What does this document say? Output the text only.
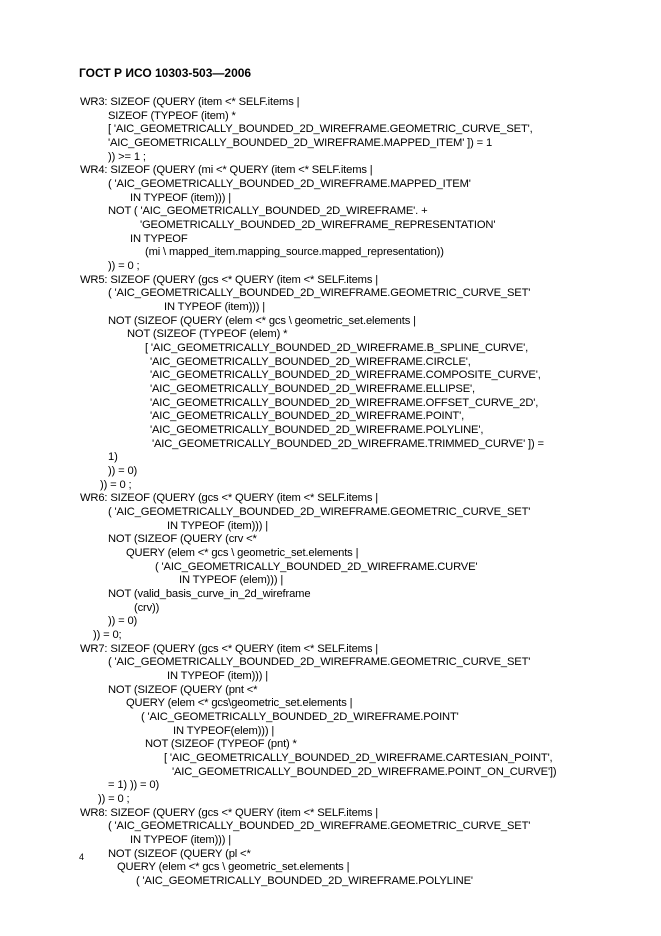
ГОСТ Р ИСО 10303-503—2006
WR3: SIZEOF (QUERY (item <* SELF.items |
SIZEOF (TYPEOF (item) *
[ 'AIC_GEOMETRICALLY_BOUNDED_2D_WIREFRAME.GEOMETRIC_CURVE_SET',
'AIC_GEOMETRICALLY_BOUNDED_2D_WIREFRAME.MAPPED_ITEM' ]) = 1
)) >= 1 ;
WR4: SIZEOF (QUERY (mi <* QUERY (item <* SELF.items |
( 'AIC_GEOMETRICALLY_BOUNDED_2D_WIREFRAME.MAPPED_ITEM'
IN TYPEOF (item))) |
NOT ( 'AIC_GEOMETRICALLY_BOUNDED_2D_WIREFRAME'. +
'GEOMETRICALLY_BOUNDED_2D_WIREFRAME_REPRESENTATION'
IN TYPEOF
(mi \ mapped_item.mapping_source.mapped_representation))
)) = 0 ;
WR5: SIZEOF (QUERY (gcs <* QUERY (item <* SELF.items |
( 'AIC_GEOMETRICALLY_BOUNDED_2D_WIREFRAME.GEOMETRIC_CURVE_SET'
IN TYPEOF (item))) |
NOT (SIZEOF (QUERY (elem <* gcs \ geometric_set.elements |
NOT (SIZEOF (TYPEOF (elem) *
[ 'AIC_GEOMETRICALLY_BOUNDED_2D_WIREFRAME.B_SPLINE_CURVE',
'AIC_GEOMETRICALLY_BOUNDED_2D_WIREFRAME.CIRCLE',
'AIC_GEOMETRICALLY_BOUNDED_2D_WIREFRAME.COMPOSITE_CURVE',
'AIC_GEOMETRICALLY_BOUNDED_2D_WIREFRAME.ELLIPSE',
'AIC_GEOMETRICALLY_BOUNDED_2D_WIREFRAME.OFFSET_CURVE_2D',
'AIC_GEOMETRICALLY_BOUNDED_2D_WIREFRAME.POINT',
'AIC_GEOMETRICALLY_BOUNDED_2D_WIREFRAME.POLYLINE',
'AIC_GEOMETRICALLY_BOUNDED_2D_WIREFRAME.TRIMMED_CURVE' ]) =
1)
)) = 0)
)) = 0 ;
WR6: SIZEOF (QUERY (gcs <* QUERY (item <* SELF.items |
( 'AIC_GEOMETRICALLY_BOUNDED_2D_WIREFRAME.GEOMETRIC_CURVE_SET'
IN TYPEOF (item))) |
NOT (SIZEOF (QUERY (crv <*
QUERY (elem <* gcs \ geometric_set.elements |
( 'AIC_GEOMETRICALLY_BOUNDED_2D_WIREFRAME.CURVE'
IN TYPEOF (elem))) |
NOT (valid_basis_curve_in_2d_wireframe
(crv))
)) = 0)
)) = 0;
WR7: SIZEOF (QUERY (gcs <* QUERY (item <* SELF.items |
( 'AIC_GEOMETRICALLY_BOUNDED_2D_WIREFRAME.GEOMETRIC_CURVE_SET'
IN TYPEOF (item))) |
NOT (SIZEOF (QUERY (pnt <*
QUERY (elem <* gcs\geometric_set.elements |
( 'AIC_GEOMETRICALLY_BOUNDED_2D_WIREFRAME.POINT'
IN TYPEOF(elem))) |
NOT (SIZEOF (TYPEOF (pnt) *
[ 'AIC_GEOMETRICALLY_BOUNDED_2D_WIREFRAME.CARTESIAN_POINT',
'AIC_GEOMETRICALLY_BOUNDED_2D_WIREFRAME.POINT_ON_CURVE'])
= 1) )) = 0)
)) = 0 ;
WR8: SIZEOF (QUERY (gcs <* QUERY (item <* SELF.items |
( 'AIC_GEOMETRICALLY_BOUNDED_2D_WIREFRAME.GEOMETRIC_CURVE_SET'
IN TYPEOF (item))) |
NOT (SIZEOF (QUERY (pl <*
QUERY (elem <* gcs \ geometric_set.elements |
( 'AIC_GEOMETRICALLY_BOUNDED_2D_WIREFRAME.POLYLINE'
4
